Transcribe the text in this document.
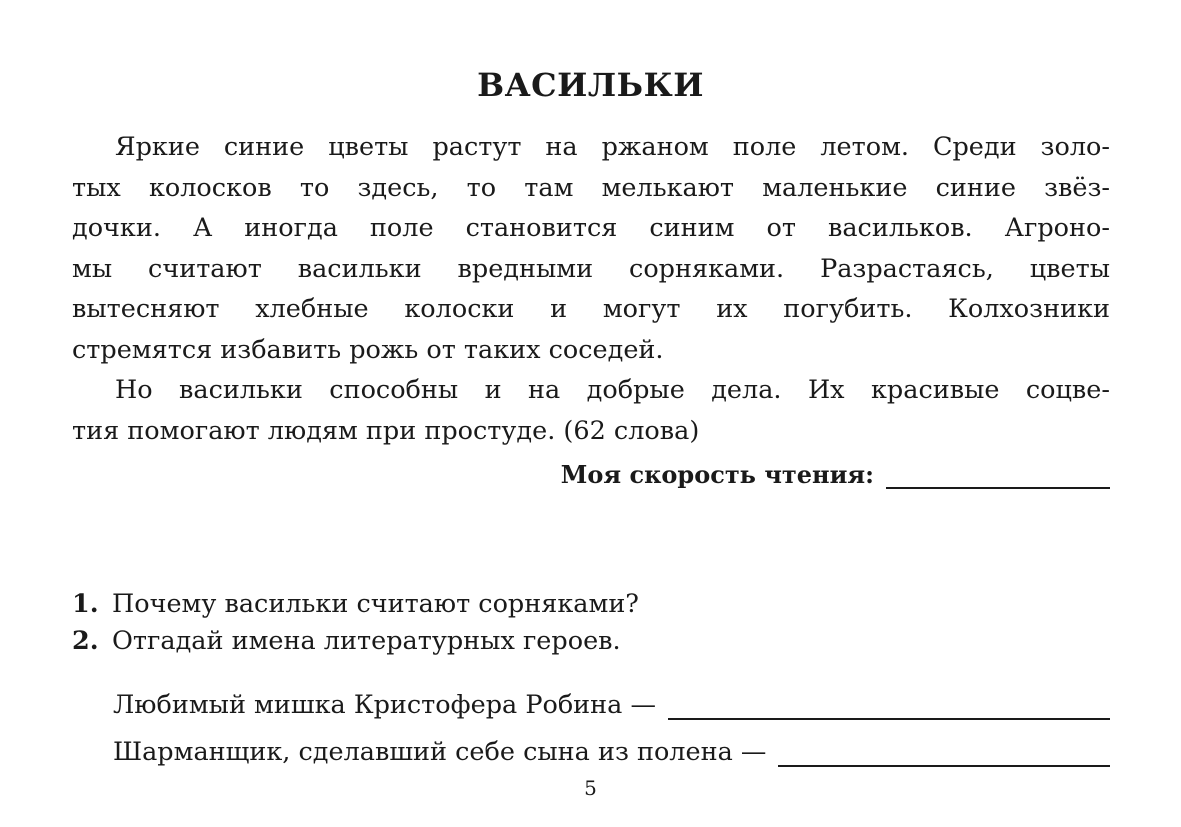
ВАСИЛЬКИ
Яркие синие цветы растут на ржаном поле летом. Среди золо-
тых колосков то здесь, то там мелькают маленькие синие звёз-
дочки. А иногда поле становится синим от васильков. Агроно-
мы считают васильки вредными сорняками. Разрастаясь, цветы
вытесняют хлебные колоски и могут их погубить. Колхозники
стремятся избавить рожь от таких соседей.
Но васильки способны и на добрые дела. Их красивые соцве-
тия помогают людям при простуде. (62 слова)
Моя скорость чтения:
1. Почему васильки считают сорняками?
2. Отгадай имена литературных героев.
Любимый мишка Кристофера Робина —
Шарманщик, сделавший себе сына из полена —
5
